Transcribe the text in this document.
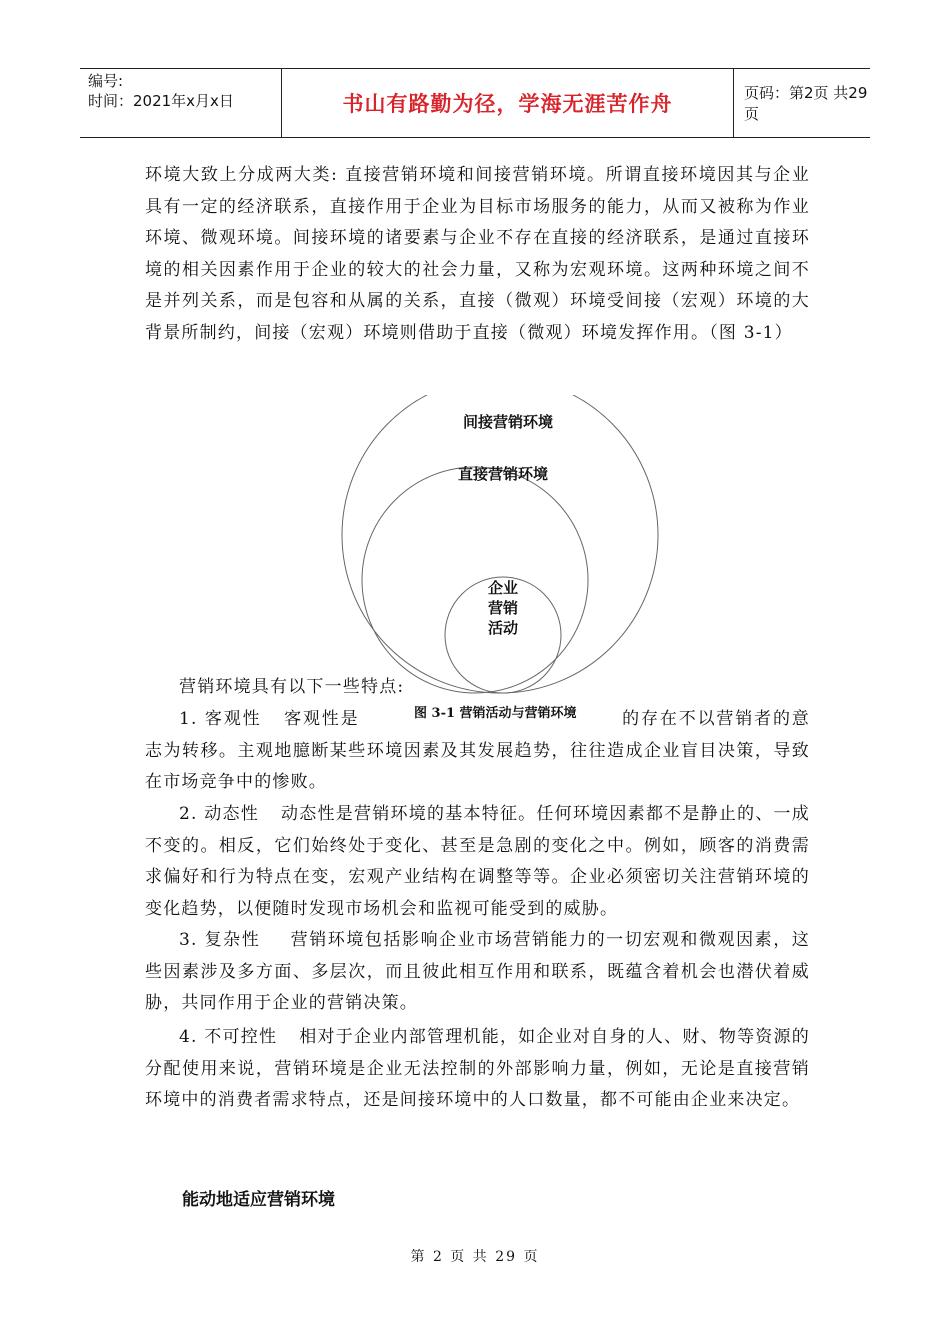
编号:
时间：2021年x月x日	书山有路勤为径，学海无涯苦作舟	页码：第2页 共29页

环境大致上分成两大类: 直接营销环境和间接营销环境。所谓直接环境因其与企业具有一定的经济联系，直接作用于企业为目标市场服务的能力，从而又被称为作业环境、微观环境。间接环境的诸要素与企业不存在直接的经济联系，是通过直接环境的相关因素作用于企业的较大的社会力量，又称为宏观环境。这两种环境之间不是并列关系，而是包容和从属的关系，直接（微观）环境受间接（宏观）环境的大背景所制约，间接（宏观）环境则借助于直接（微观）环境发挥作用。（图 3-1）

间接营销环境
直接营销环境
企业
营销
活动

营销环境具有以下一些特点:

图 3-1 营销活动与营销环境

1. 客观性 客观性是	的存在不以营销者的意志为转移。主观地臆断某些环境因素及其发展趋势，往往造成企业盲目决策，导致在市场竞争中的惨败。

2. 动态性 动态性是营销环境的基本特征。任何环境因素都不是静止的、一成不变的。相反，它们始终处于变化、甚至是急剧的变化之中。例如，顾客的消费需求偏好和行为特点在变，宏观产业结构在调整等等。企业必须密切关注营销环境的变化趋势，以便随时发现市场机会和监视可能受到的威胁。

3. 复杂性 营销环境包括影响企业市场营销能力的一切宏观和微观因素，这些因素涉及多方面、多层次，而且彼此相互作用和联系，既蕴含着机会也潜伏着威胁，共同作用于企业的营销决策。

4. 不可控性 相对于企业内部管理机能，如企业对自身的人、财、物等资源的分配使用来说，营销环境是企业无法控制的外部影响力量，例如，无论是直接营销环境中的消费者需求特点，还是间接环境中的人口数量，都不可能由企业来决定。

能动地适应营销环境
第 2 页 共 29 页
